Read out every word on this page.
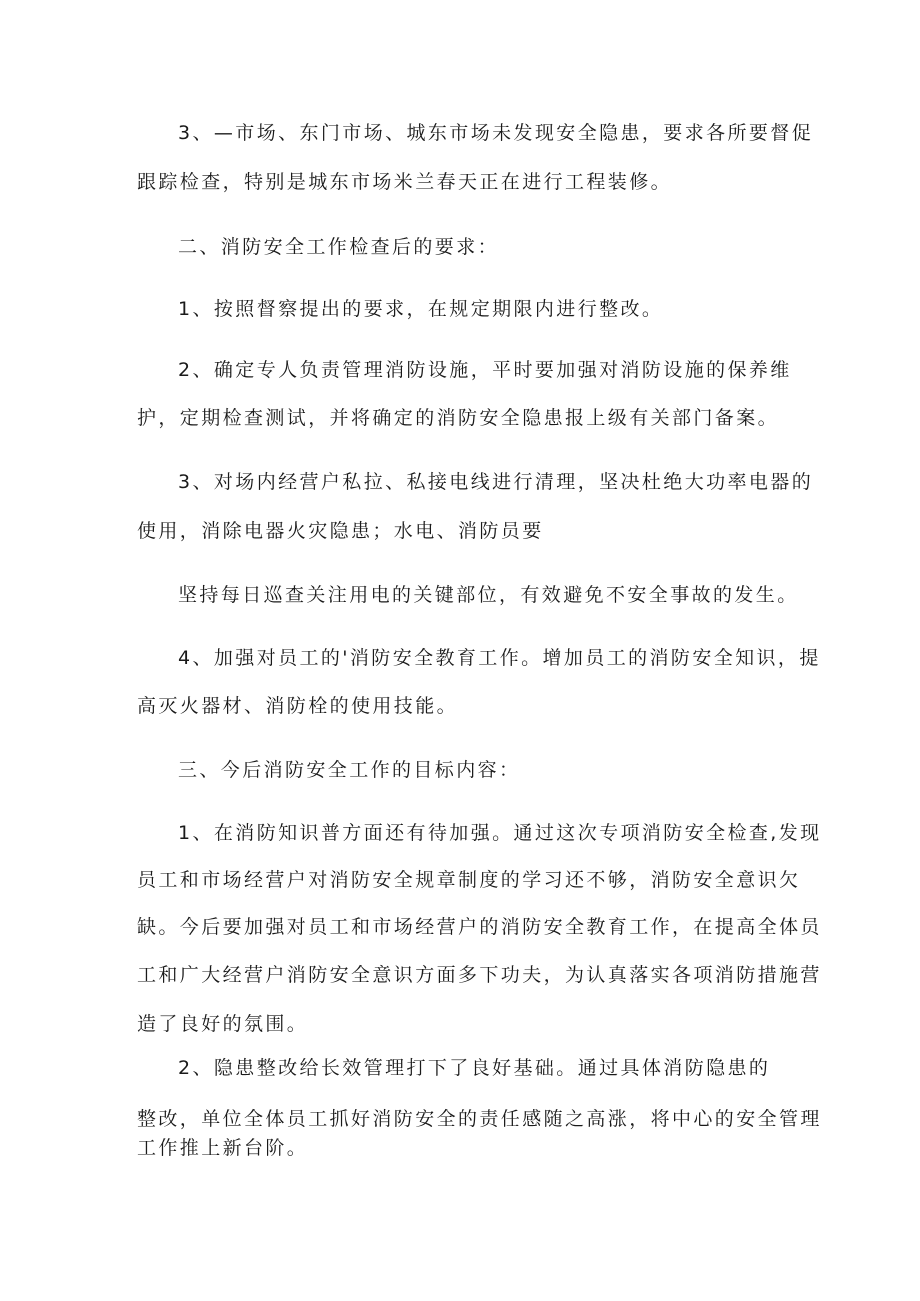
3、—市场、东门市场、城东市场未发现安全隐患，要求各所要督促

跟踪检查，特别是城东市场米兰春天正在进行工程装修。

二、消防安全工作检查后的要求：

1、按照督察提出的要求，在规定期限内进行整改。

2、确定专人负责管理消防设施，平时要加强对消防设施的保养维

护，定期检查测试，并将确定的消防安全隐患报上级有关部门备案。

3、对场内经营户私拉、私接电线进行清理，坚决杜绝大功率电器的

使用，消除电器火灾隐患；水电、消防员要

坚持每日巡查关注用电的关键部位，有效避免不安全事故的发生。

4、加强对员工的'消防安全教育工作。增加员工的消防安全知识，提

高灭火器材、消防栓的使用技能。

三、今后消防安全工作的目标内容：

1、在消防知识普方面还有待加强。通过这次专项消防安全检查,发现

员工和市场经营户对消防安全规章制度的学习还不够，消防安全意识欠

缺。今后要加强对员工和市场经营户的消防安全教育工作，在提高全体员

工和广大经营户消防安全意识方面多下功夫，为认真落实各项消防措施营

造了良好的氛围。

2、隐患整改给长效管理打下了良好基础。通过具体消防隐患的

整改，单位全体员工抓好消防安全的责任感随之高涨，将中心的安全管理

工作推上新台阶。
